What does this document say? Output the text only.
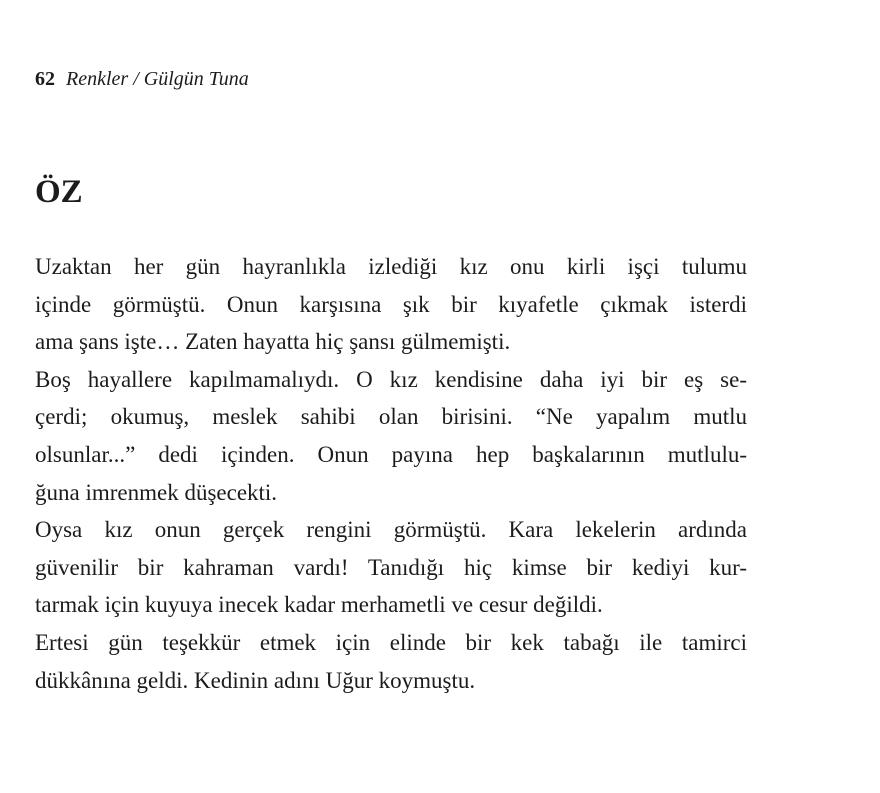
62 Renkler / Gülgün Tuna
ÖZ
Uzaktan her gün hayranlıkla izlediği kız onu kirli işçi tulumu
içinde görmüştü. Onun karşısına şık bir kıyafetle çıkmak isterdi
ama şans işte… Zaten hayatta hiç şansı gülmemişti.
Boş hayallere kapılmamalıydı. O kız kendisine daha iyi bir eş se-
çerdi; okumuş, meslek sahibi olan birisini. “Ne yapalım mutlu
olsunlar...” dedi içinden. Onun payına hep başkalarının mutlulu-
ğuna imrenmek düşecekti.
Oysa kız onun gerçek rengini görmüştü. Kara lekelerin ardında
güvenilir bir kahraman vardı! Tanıdığı hiç kimse bir kediyi kur-
tarmak için kuyuya inecek kadar merhametli ve cesur değildi.
Ertesi gün teşekkür etmek için elinde bir kek tabağı ile tamirci
dükkânına geldi. Kedinin adını Uğur koymuştu.
